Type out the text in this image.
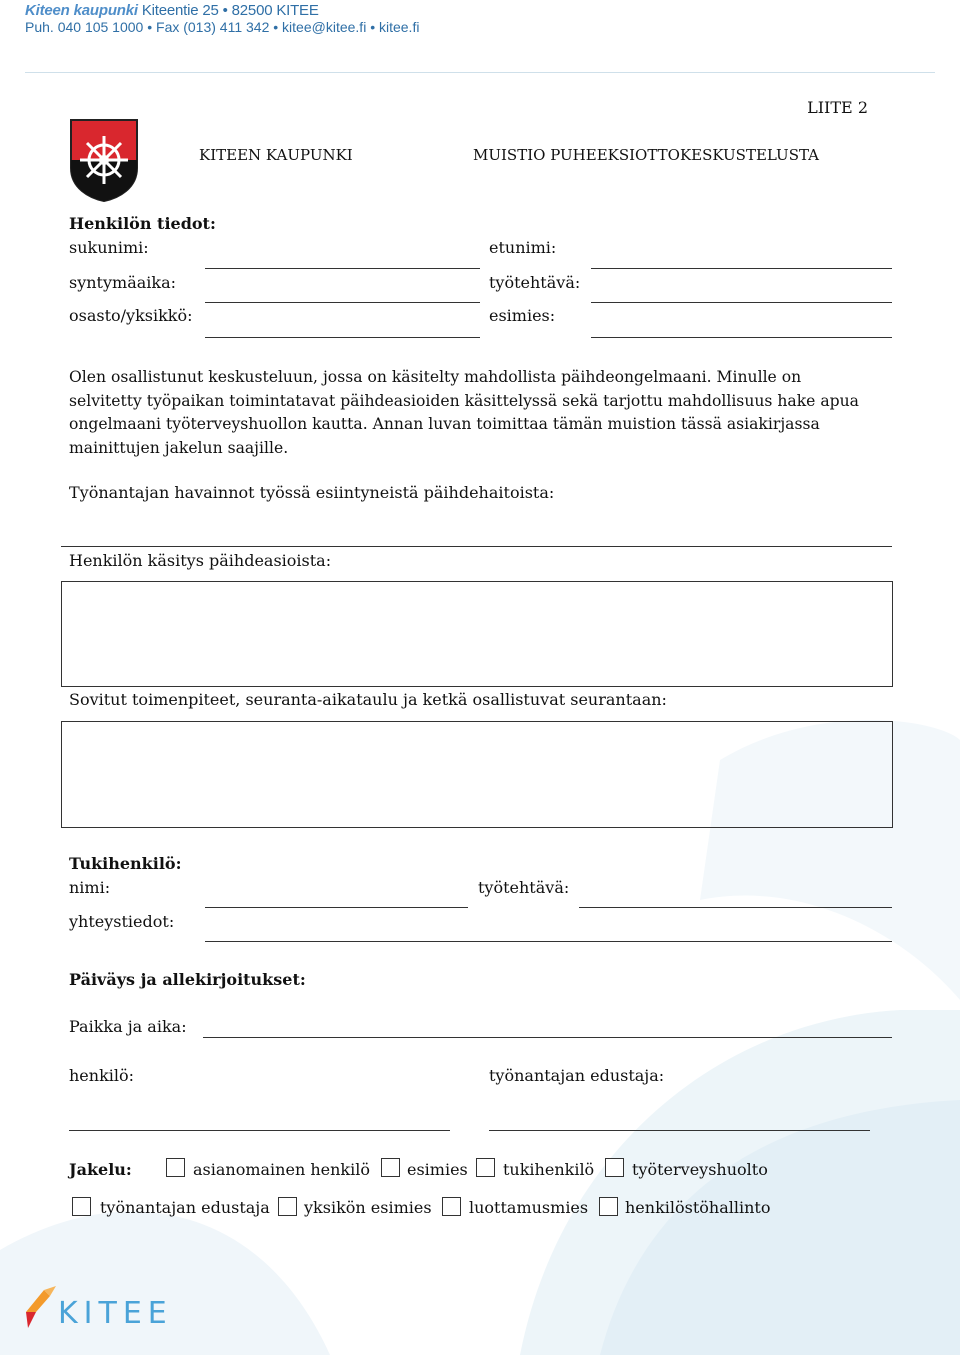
Kiteen kaupunki Kiteentie 25 • 82500 KITEE
Puh. 040 105 1000 • Fax (013) 411 342 • kitee@kitee.fi • kitee.fi
LIITE 2
KITEEN KAUPUNKI	MUISTIO PUHEEKSIOTTOKESKUSTELUSTA
Henkilön tiedot:
sukunimi:	etunimi:
syntymäaika:	työtehtävä:
osasto/yksikkö:	esimies:
Olen osallistunut keskusteluun, jossa on käsitelty mahdollista päihdeongelmaani. Minulle on selvitetty työpaikan toimintatavat päihdeasioiden käsittelyssä sekä tarjottu mahdollisuus hake apua ongelmaani työterveyshuollon kautta. Annan luvan toimittaa tämän muistion tässä asiakirjassa mainittujen jakelun saajille.
Työnantajan havainnot työssä esiintyneistä päihdehaitoista:
Henkilön käsitys päihdeasioista:
Sovitut toimenpiteet, seuranta-aikataulu ja ketkä osallistuvat seurantaan:
Tukihenkilö:
nimi:	työtehtävä:
yhteystiedot:
Päiväys ja allekirjoitukset:
Paikka ja aika:
henkilö:	työnantajan edustaja:
Jakelu:	asianomainen henkilö esimies tukihenkilö työterveyshuolto
työnantajan edustaja yksikön esimies luottamusmies henkilöstöhallinto
KITEE
